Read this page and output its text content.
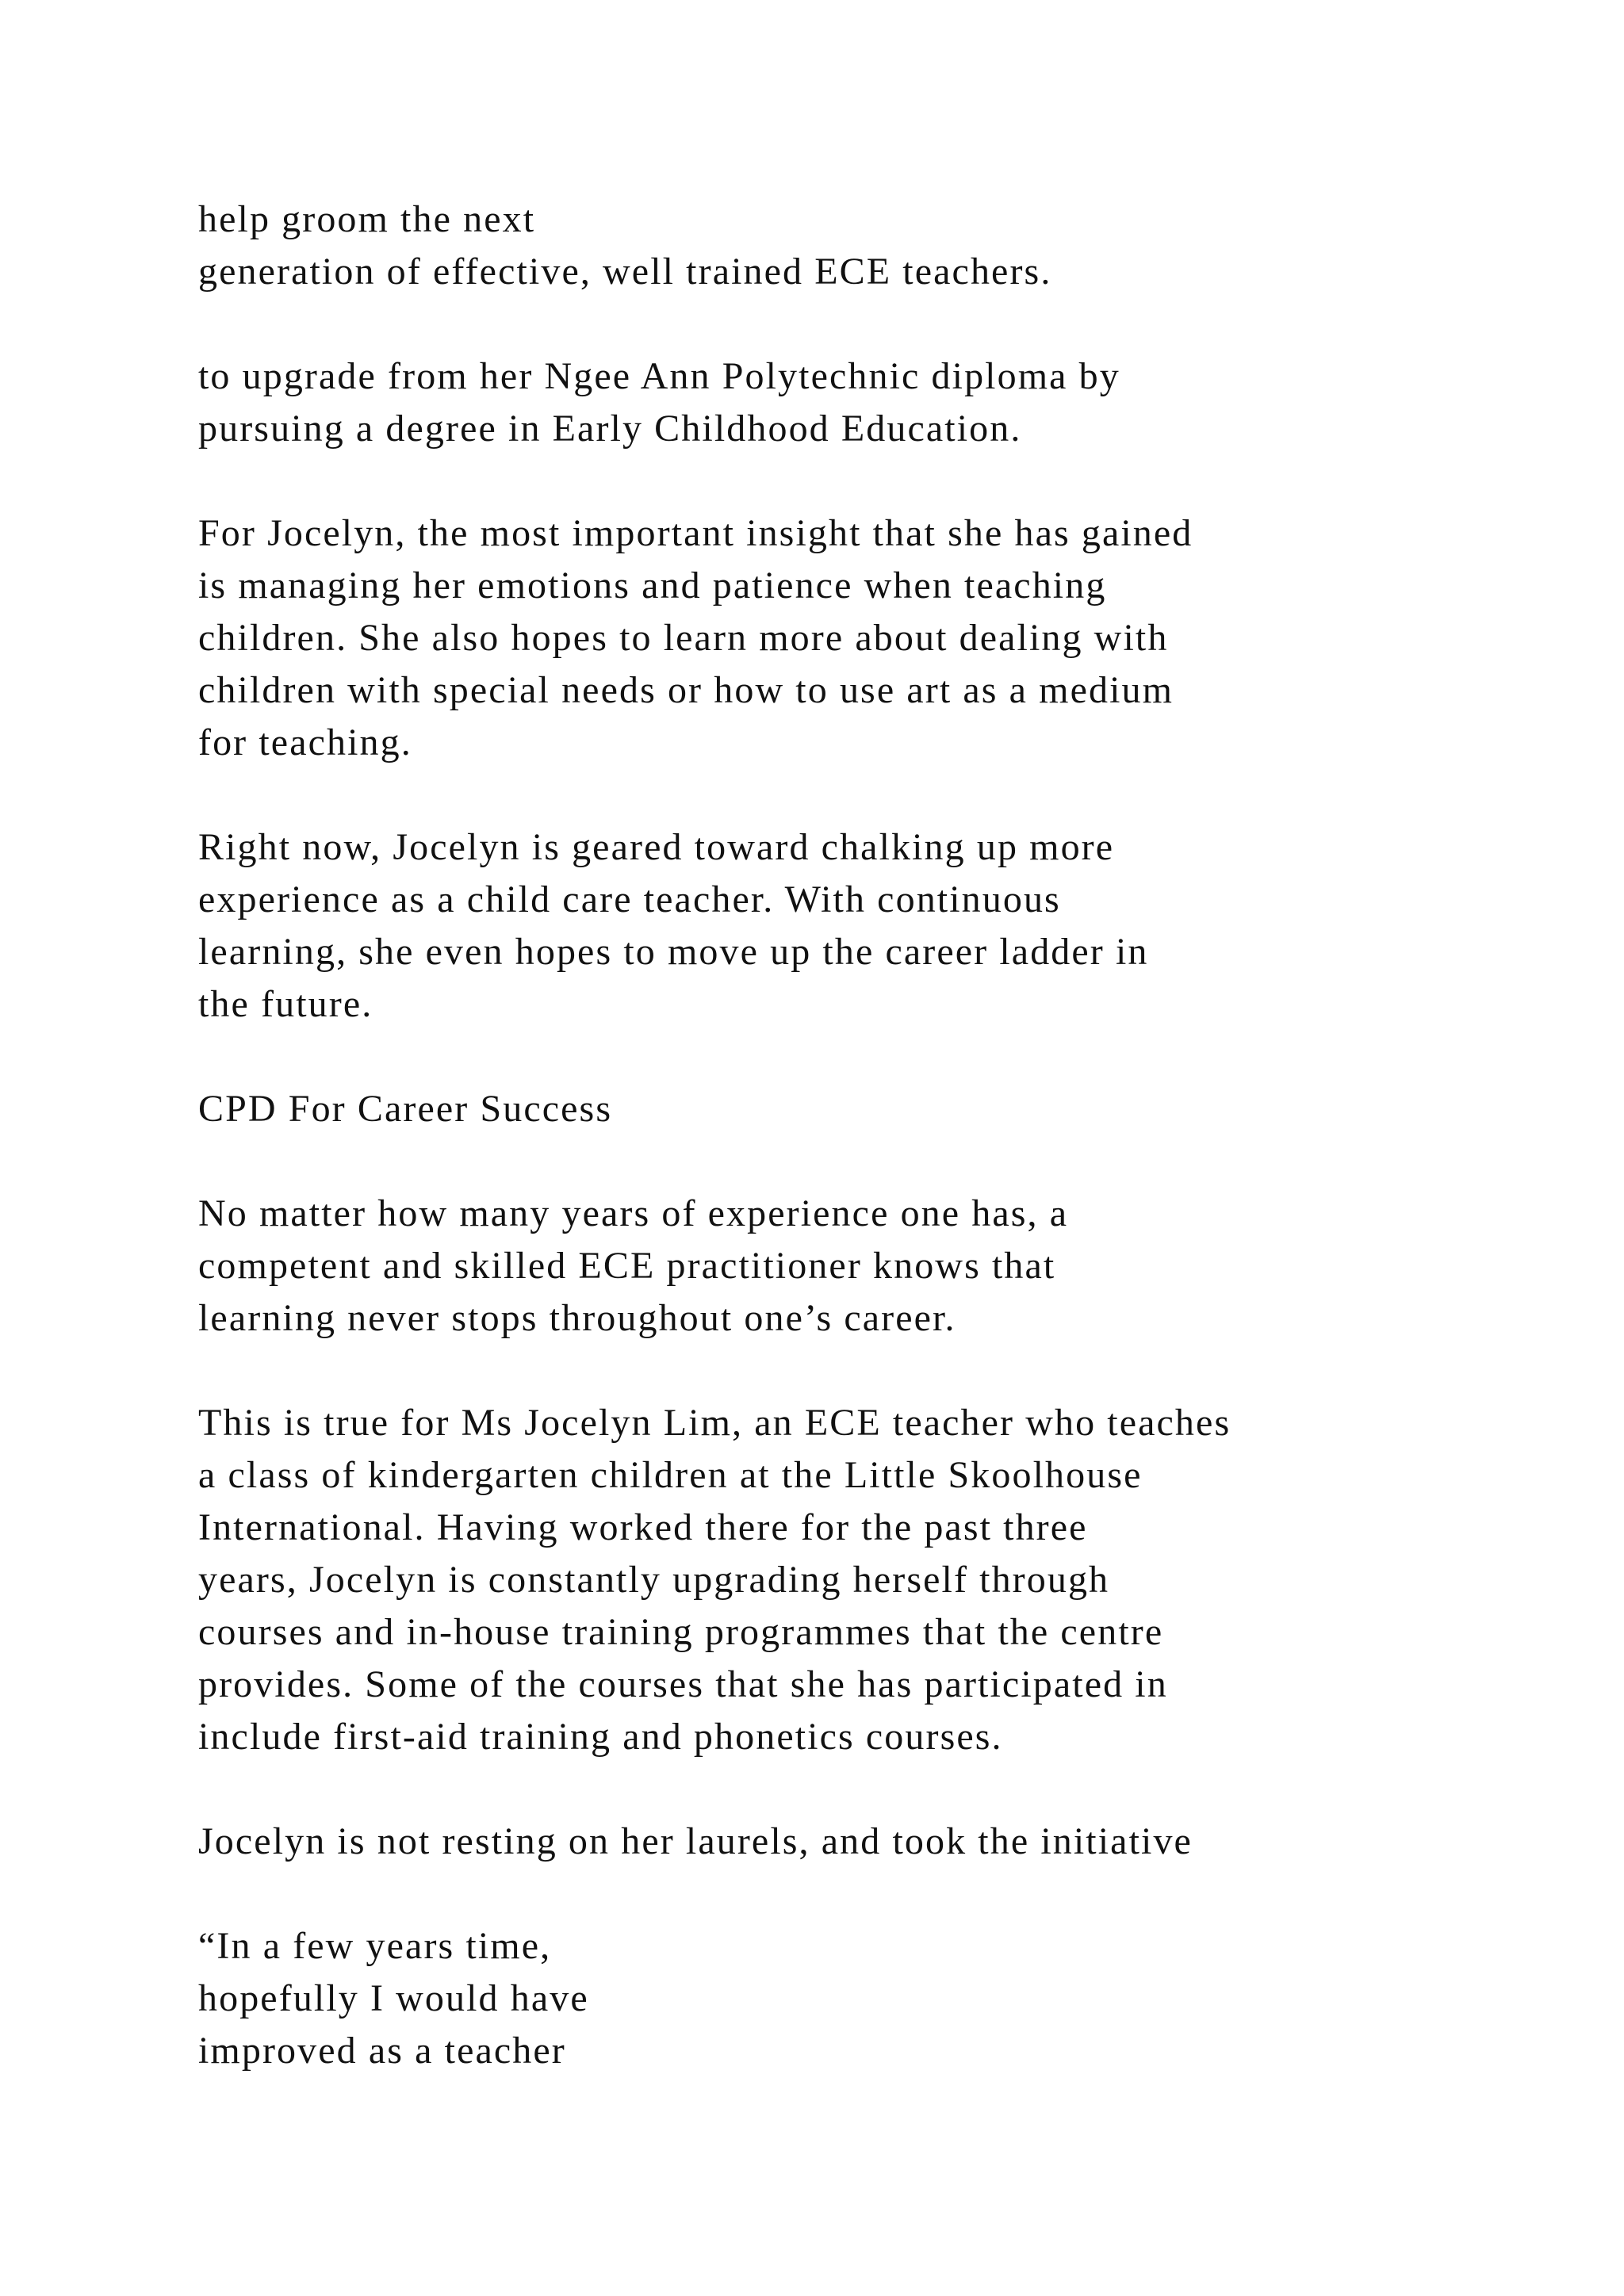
help groom the next
generation of effective, well trained ECE teachers.
to upgrade from her Ngee Ann Polytechnic diploma by
pursuing a degree in Early Childhood Education.
For Jocelyn, the most important insight that she has gained
is managing her emotions and patience when teaching
children. She also hopes to learn more about dealing with
children with special needs or how to use art as a medium
for teaching.
Right now, Jocelyn is geared toward chalking up more
experience as a child care teacher. With continuous
learning, she even hopes to move up the career ladder in
the future.
CPD For Career Success
No matter how many years of experience one has, a
competent and skilled ECE practitioner knows that
learning never stops throughout one’s career.
This is true for Ms Jocelyn Lim, an ECE teacher who teaches
a class of kindergarten children at the Little Skoolhouse
International. Having worked there for the past three
years, Jocelyn is constantly upgrading herself through
courses and in-house training programmes that the centre
provides. Some of the courses that she has participated in
include first-aid training and phonetics courses.
Jocelyn is not resting on her laurels, and took the initiative
“In a few years time,
hopefully I would have
improved as a teacher
